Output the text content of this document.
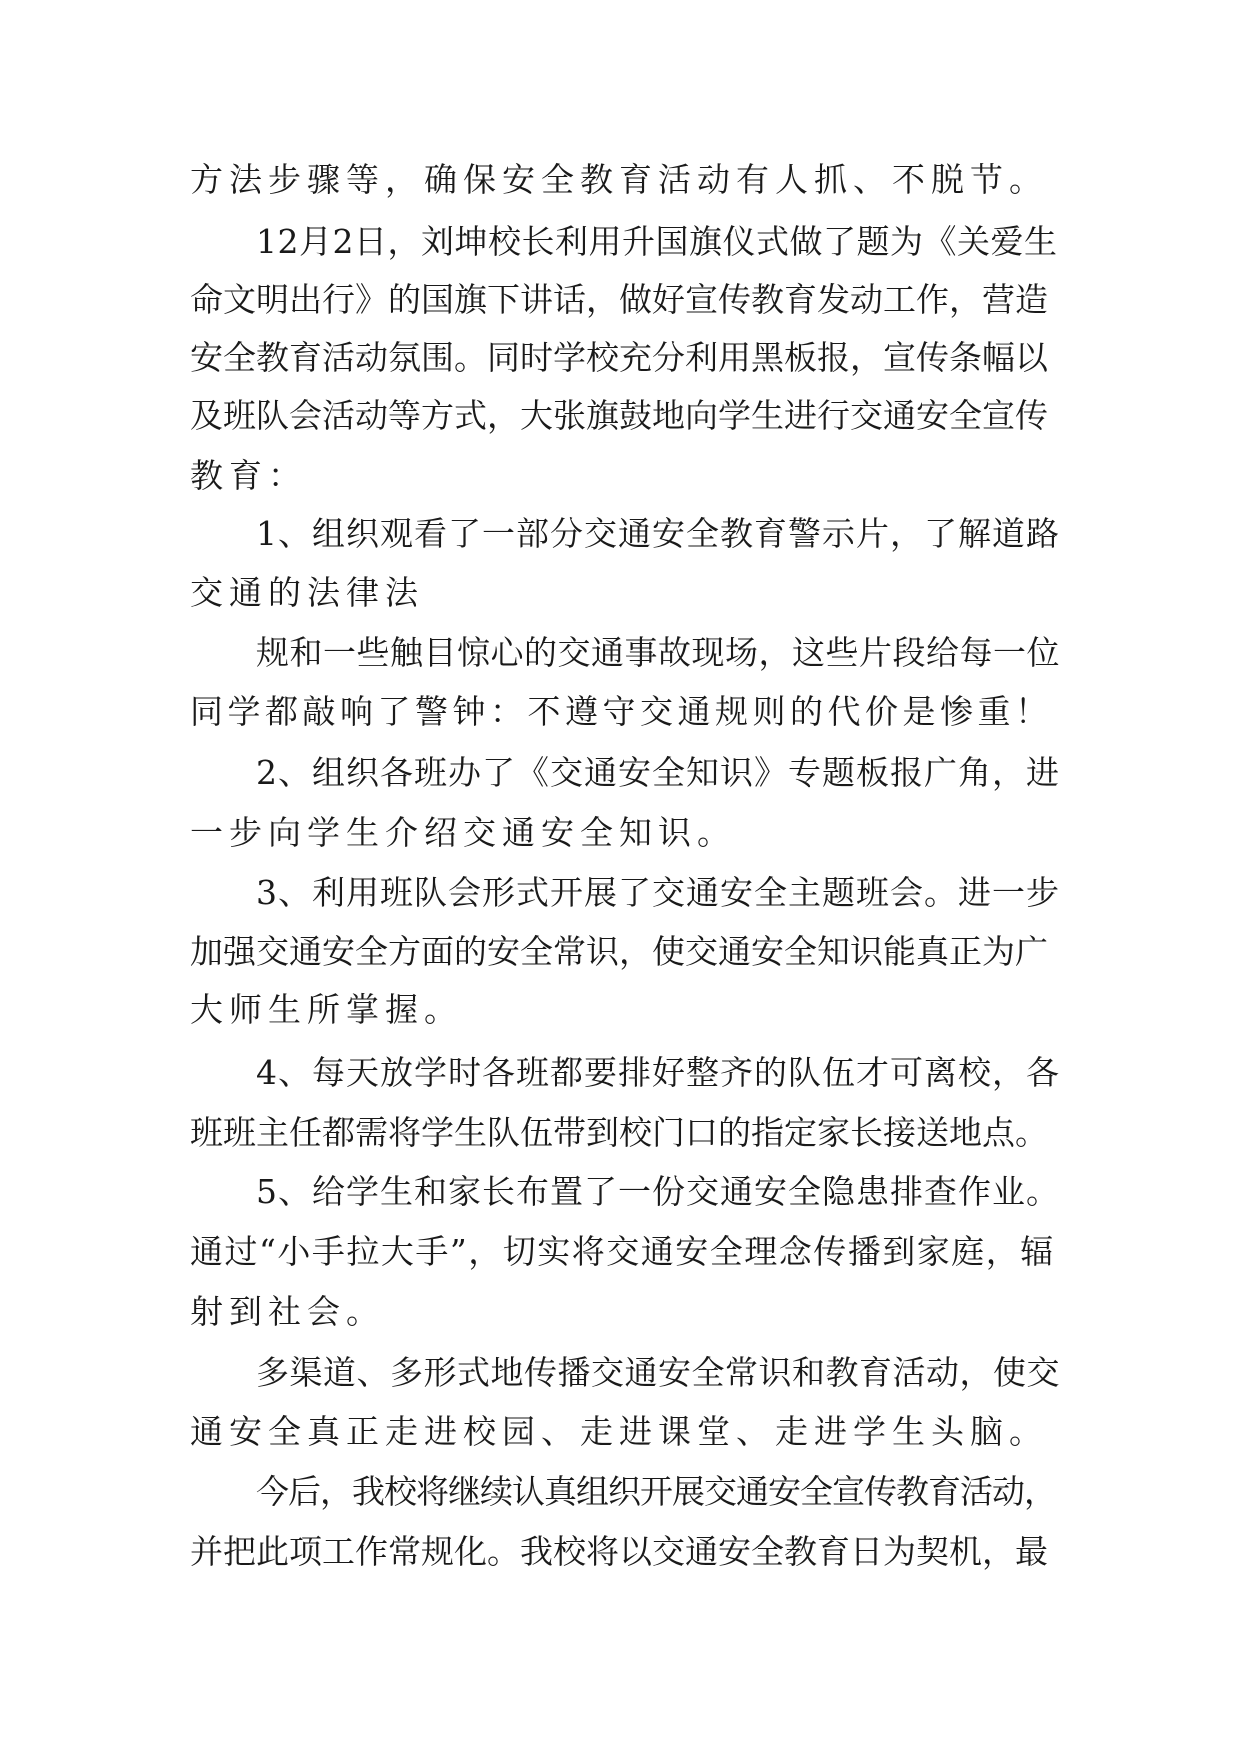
方法步骤等，确保安全教育活动有人抓、不脱节。
12月2日，刘坤校长利用升国旗仪式做了题为《关爱生
命文明出行》的国旗下讲话，做好宣传教育发动工作，营造
安全教育活动氛围。同时学校充分利用黑板报，宣传条幅以
及班队会活动等方式，大张旗鼓地向学生进行交通安全宣传
教育：
1、组织观看了一部分交通安全教育警示片，了解道路
交通的法律法
规和一些触目惊心的交通事故现场，这些片段给每一位
同学都敲响了警钟：不遵守交通规则的代价是惨重！
2、组织各班办了《交通安全知识》专题板报广角，进
一步向学生介绍交通安全知识。
3、利用班队会形式开展了交通安全主题班会。进一步
加强交通安全方面的安全常识，使交通安全知识能真正为广
大师生所掌握。
4、每天放学时各班都要排好整齐的队伍才可离校，各
班班主任都需将学生队伍带到校门口的指定家长接送地点。
5、给学生和家长布置了一份交通安全隐患排查作业。
通过“小手拉大手”，切实将交通安全理念传播到家庭，辐
射到社会。
多渠道、多形式地传播交通安全常识和教育活动，使交
通安全真正走进校园、走进课堂、走进学生头脑。
今后，我校将继续认真组织开展交通安全宣传教育活动，
并把此项工作常规化。我校将以交通安全教育日为契机，最
